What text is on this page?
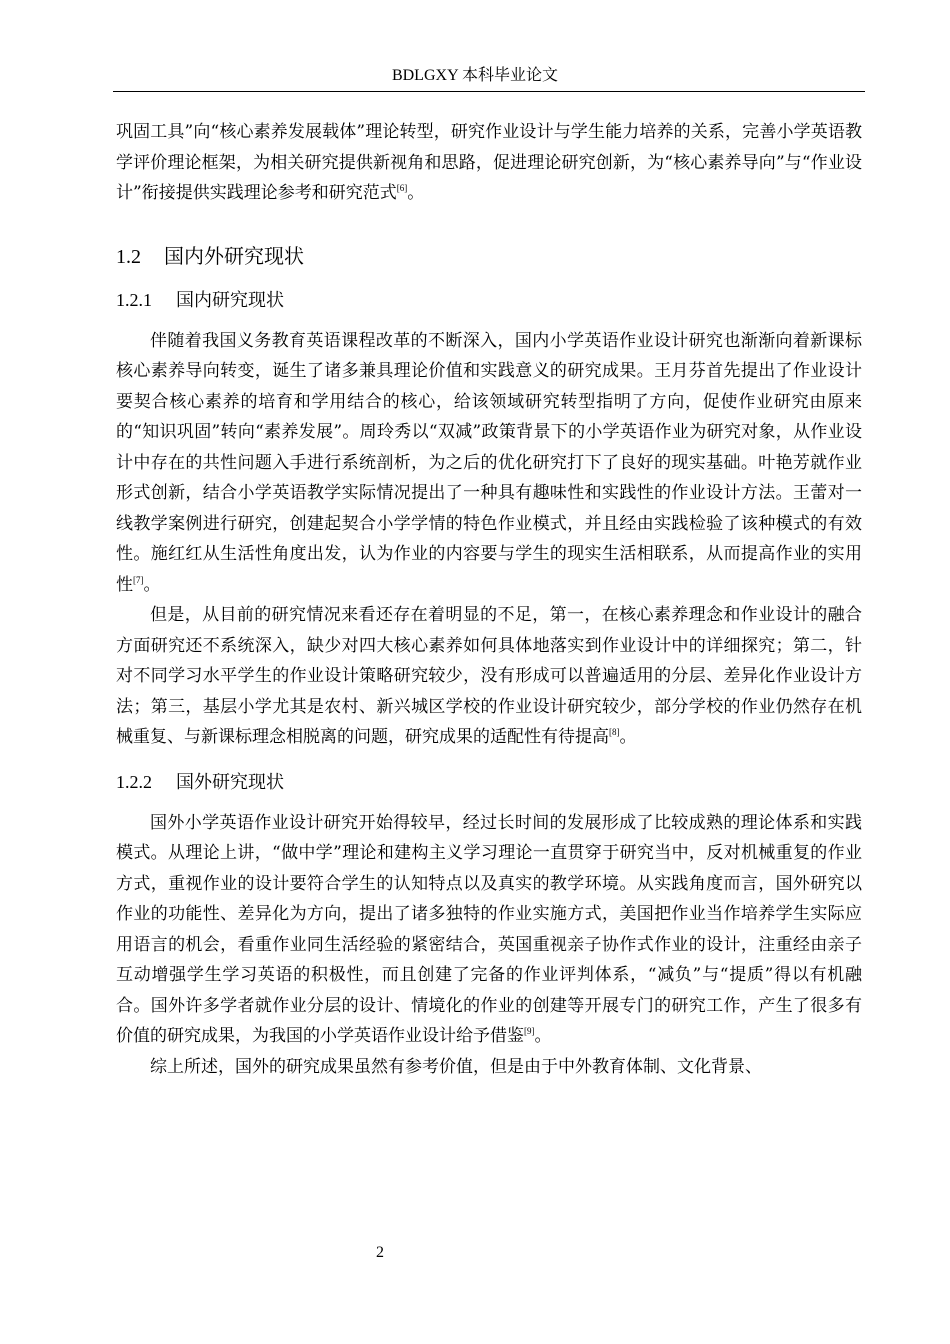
BDLGXY 本科毕业论文

巩固工具”向“核心素养发展载体”理论转型，研究作业设计与学生能力培养的关系，完善小学英语教学评价理论框架，为相关研究提供新视角和思路，促进理论研究创新，为“核心素养导向”与“作业设计”衔接提供实践理论参考和研究范式[6]。

1.2 国内外研究现状
1.2.1 国内研究现状

伴随着我国义务教育英语课程改革的不断深入，国内小学英语作业设计研究也渐渐向着新课标核心素养导向转变，诞生了诸多兼具理论价值和实践意义的研究成果。王月芬首先提出了作业设计要契合核心素养的培育和学用结合的核心，给该领域研究转型指明了方向，促使作业研究由原来的“知识巩固”转向“素养发展”。周玲秀以“双减”政策背景下的小学英语作业为研究对象，从作业设计中存在的共性问题入手进行系统剖析，为之后的优化研究打下了良好的现实基础。叶艳芳就作业形式创新，结合小学英语教学实际情况提出了一种具有趣味性和实践性的作业设计方法。王蕾对一线教学案例进行研究，创建起契合小学学情的特色作业模式，并且经由实践检验了该种模式的有效性。施红红从生活性角度出发，认为作业的内容要与学生的现实生活相联系，从而提高作业的实用性[7]。

但是，从目前的研究情况来看还存在着明显的不足，第一，在核心素养理念和作业设计的融合方面研究还不系统深入，缺少对四大核心素养如何具体地落实到作业设计中的详细探究；第二，针对不同学习水平学生的作业设计策略研究较少，没有形成可以普遍适用的分层、差异化作业设计方法；第三，基层小学尤其是农村、新兴城区学校的作业设计研究较少，部分学校的作业仍然存在机械重复、与新课标理念相脱离的问题，研究成果的适配性有待提高[8]。

1.2.2 国外研究现状

国外小学英语作业设计研究开始得较早，经过长时间的发展形成了比较成熟的理论体系和实践模式。从理论上讲，“做中学”理论和建构主义学习理论一直贯穿于研究当中，反对机械重复的作业方式，重视作业的设计要符合学生的认知特点以及真实的教学环境。从实践角度而言，国外研究以作业的功能性、差异化为方向，提出了诸多独特的作业实施方式，美国把作业当作培养学生实际应用语言的机会，看重作业同生活经验的紧密结合，英国重视亲子协作式作业的设计，注重经由亲子互动增强学生学习英语的积极性，而且创建了完备的作业评判体系，“减负”与“提质”得以有机融合。国外许多学者就作业分层的设计、情境化的作业的创建等开展专门的研究工作，产生了很多有价值的研究成果，为我国的小学英语作业设计给予借鉴[9]。

综上所述，国外的研究成果虽然有参考价值，但是由于中外教育体制、文化背景、

2
